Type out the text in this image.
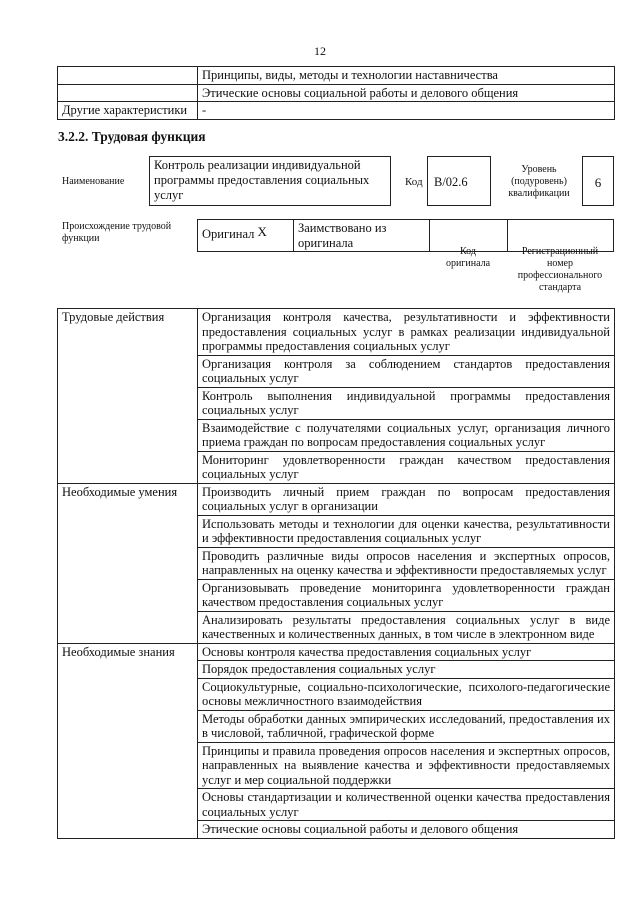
12
	Принципы, виды, методы и технологии наставничества
	Этические основы социальной работы и делового общения
Другие характеристики	-
3.2.2. Трудовая функция
Наименование
Контроль реализации индивидуальной программы предоставления социальных услуг
Код В/02.6
Уровень (подуровень) квалификации
6
Происхождение трудовой функции	Оригинал	X	Заимствовано из оригинала		
Код оригинала
Регистрационный номер профессионального стандарта
Трудовые действия	Организация контроля качества, результативности и эффективности предоставления социальных услуг в рамках реализации индивидуальной программы предоставления социальных услуг
	Организация контроля за соблюдением стандартов предоставления социальных услуг
	Контроль выполнения индивидуальной программы предоставления социальных услуг
	Взаимодействие с получателями социальных услуг, организация личного приема граждан по вопросам предоставления социальных услуг
	Мониторинг удовлетворенности граждан качеством предоставления социальных услуг
Необходимые умения	Производить личный прием граждан по вопросам предоставления социальных услуг в организации
	Использовать методы и технологии для оценки качества, результативности и эффективности предоставления социальных услуг
	Проводить различные виды опросов населения и экспертных опросов, направленных на оценку качества и эффективности предоставляемых услуг
	Организовывать проведение мониторинга удовлетворенности граждан качеством предоставления социальных услуг
	Анализировать результаты предоставления социальных услуг в виде качественных и количественных данных, в том числе в электронном виде
Необходимые знания	Основы контроля качества предоставления социальных услуг
	Порядок предоставления социальных услуг
	Социокультурные, социально-психологические, психолого-педагогические основы межличностного взаимодействия
	Методы обработки данных эмпирических исследований, предоставления их в числовой, табличной, графической форме
	Принципы и правила проведения опросов населения и экспертных опросов, направленных на выявление качества и эффективности предоставляемых услуг и мер социальной поддержки
	Основы стандартизации и количественной оценки качества предоставления социальных услуг
	Этические основы социальной работы и делового общения
